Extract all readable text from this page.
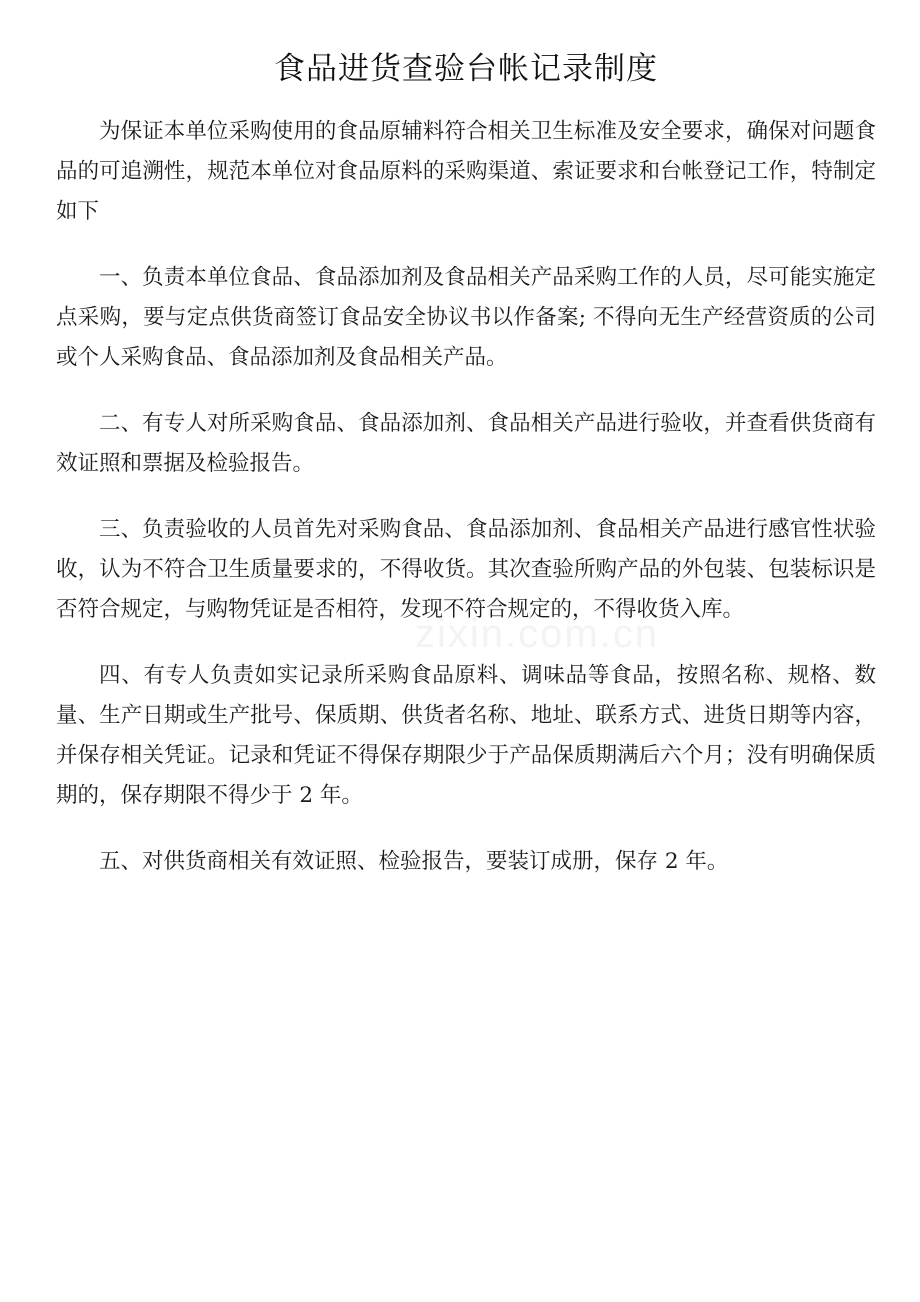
食品进货查验台帐记录制度

为保证本单位采购使用的食品原辅料符合相关卫生标准及安全要求，确保对问题食品的可追溯性，规范本单位对食品原料的采购渠道、索证要求和台帐登记工作，特制定如下

一、负责本单位食品、食品添加剂及食品相关产品采购工作的人员，尽可能实施定点采购，要与定点供货商签订食品安全协议书以作备案; 不得向无生产经营资质的公司或个人采购食品、食品添加剂及食品相关产品。

二、有专人对所采购食品、食品添加剂、食品相关产品进行验收，并查看供货商有效证照和票据及检验报告。

三、负责验收的人员首先对采购食品、食品添加剂、食品相关产品进行感官性状验收，认为不符合卫生质量要求的，不得收货。其次查验所购产品的外包装、包装标识是否符合规定，与购物凭证是否相符，发现不符合规定的，不得收货入库。

四、有专人负责如实记录所采购食品原料、调味品等食品，按照名称、规格、数量、生产日期或生产批号、保质期、供货者名称、地址、联系方式、进货日期等内容，并保存相关凭证。记录和凭证不得保存期限少于产品保质期满后六个月；没有明确保质期的，保存期限不得少于 2 年。

五、对供货商相关有效证照、检验报告，要装订成册，保存 2 年。

zixin.com.cn
